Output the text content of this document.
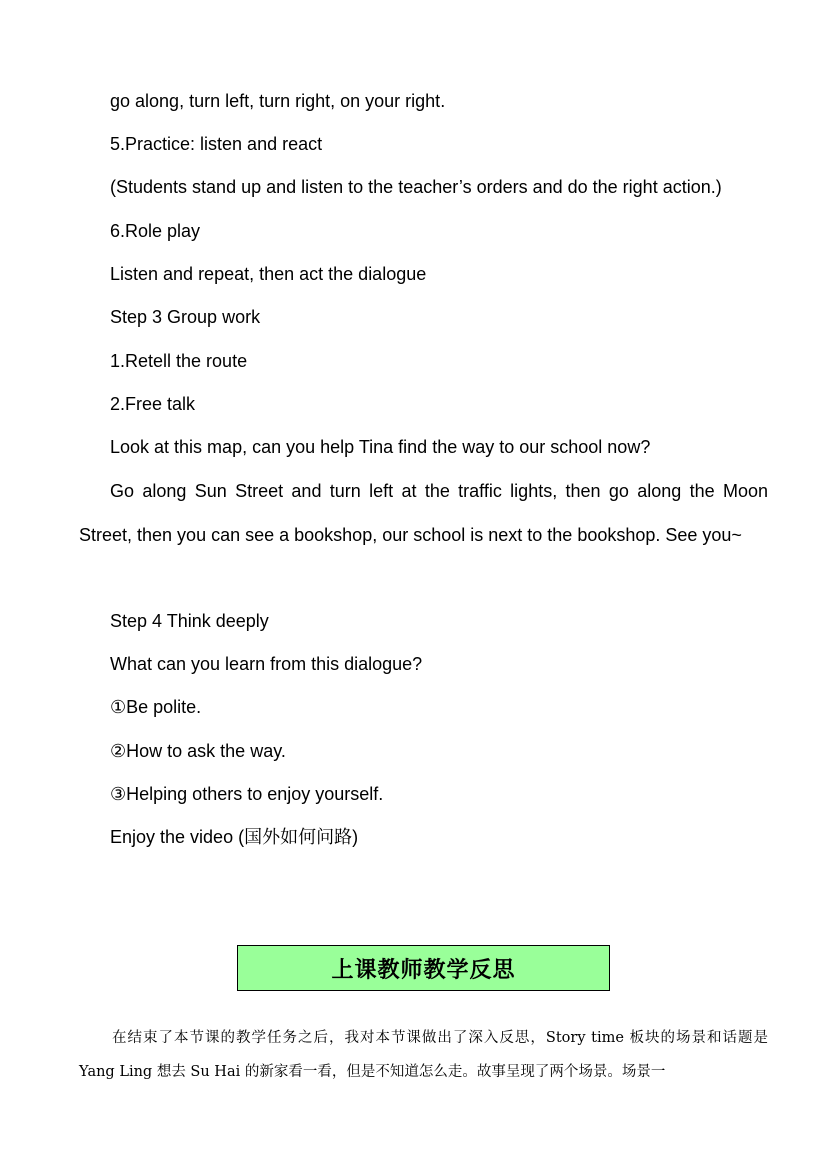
go along, turn left, turn right, on your right.
5.Practice: listen and react
(Students stand up and listen to the teacher’s orders and do the right action.)
6.Role play
Listen and repeat, then act the dialogue
Step 3 Group work
1.Retell the route
2.Free talk
Look at this map, can you help Tina find the way to our school now?
Go along Sun Street and turn left at the traffic lights, then go along the Moon Street, then you can see a bookshop, our school is next to the bookshop. See you~
Step 4 Think deeply
What can you learn from this dialogue?
①Be polite.
②How to ask the way.
③Helping others to enjoy yourself.
Enjoy the video (国外如何问路)
上课教师教学反思
在结束了本节课的教学任务之后，我对本节课做出了深入反思，Story time 板块的场景和话题是 Yang Ling 想去 Su Hai 的新家看一看，但是不知道怎么走。故事呈现了两个场景。场景一
